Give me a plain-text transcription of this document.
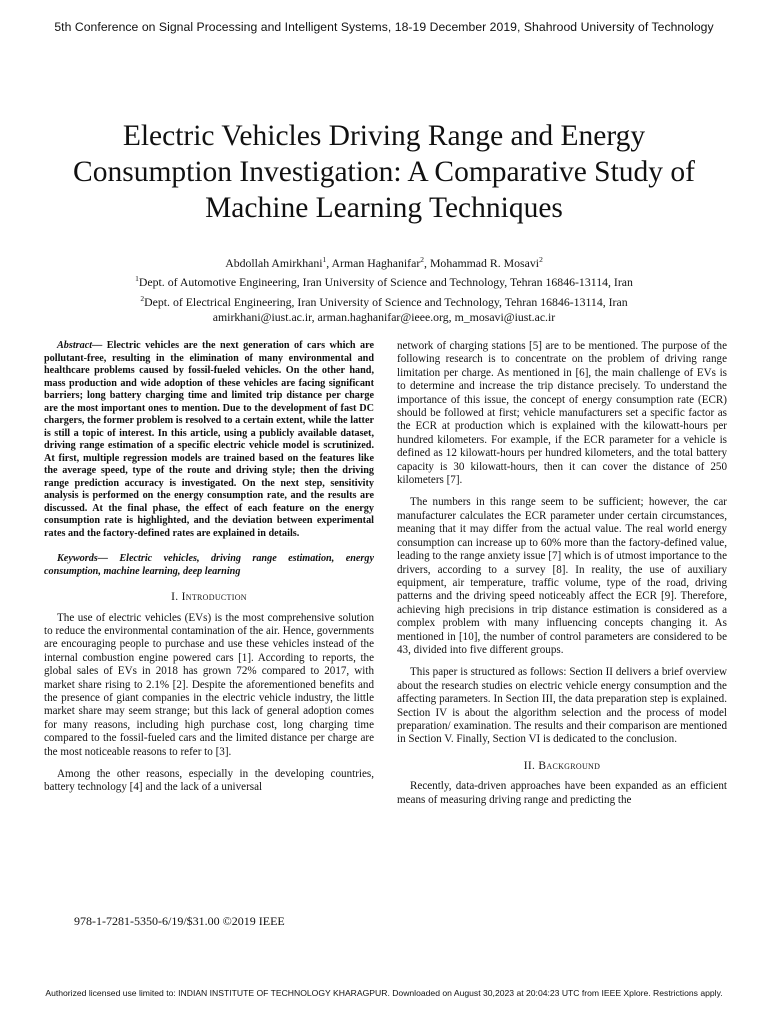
5th Conference on Signal Processing and Intelligent Systems, 18-19 December 2019, Shahrood University of Technology
Electric Vehicles Driving Range and Energy Consumption Investigation: A Comparative Study of Machine Learning Techniques
Abdollah Amirkhani$^1$, Arman Haghanifar$^2$, Mohammad R. Mosavi$^2$
$^1$Dept. of Automotive Engineering, Iran University of Science and Technology, Tehran 16846-13114, Iran
$^2$Dept. of Electrical Engineering, Iran University of Science and Technology, Tehran 16846-13114, Iran
amirkhani@iust.ac.ir, arman.haghanifar@ieee.org, m_mosavi@iust.ac.ir

Abstract— Electric vehicles are the next generation of cars which are pollutant-free, resulting in the elimination of many environmental and healthcare problems caused by fossil-fueled vehicles. On the other hand, mass production and wide adoption of these vehicles are facing significant barriers; long battery charging time and limited trip distance per charge are the most important ones to mention. Due to the development of fast DC chargers, the former problem is resolved to a certain extent, while the latter is still a topic of interest. In this article, using a publicly available dataset, driving range estimation of a specific electric vehicle model is scrutinized. At first, multiple regression models are trained based on the features like the average speed, type of the route and driving style; then the driving range prediction accuracy is investigated. On the next step, sensitivity analysis is performed on the energy consumption rate, and the results are discussed. At the final phase, the effect of each feature on the energy consumption rate is highlighted, and the deviation between experimental rates and the factory-defined rates are explained in details.

Keywords— Electric vehicles, driving range estimation, energy consumption, machine learning, deep learning

I. Introduction

The use of electric vehicles (EVs) is the most comprehensive solution to reduce the environmental contamination of the air. Hence, governments are encouraging people to purchase and use these vehicles instead of the internal combustion engine powered cars [1]. According to reports, the global sales of EVs in 2018 has grown 72% compared to 2017, with market share rising to 2.1% [2]. Despite the aforementioned benefits and the presence of giant companies in the electric vehicle industry, the little market share may seem strange; but this lack of general adoption comes for many reasons, including high purchase cost, long charging time compared to the fossil-fueled cars and the limited distance per charge are the most noticeable reasons to refer to [3].

Among the other reasons, especially in the developing countries, battery technology [4] and the lack of a universal

network of charging stations [5] are to be mentioned. The purpose of the following research is to concentrate on the problem of driving range limitation per charge. As mentioned in [6], the main challenge of EVs is to determine and increase the trip distance precisely. To understand the importance of this issue, the concept of energy consumption rate (ECR) should be followed at first; vehicle manufacturers set a specific factor as the ECR at production which is explained with the kilowatt-hours per hundred kilometers. For example, if the ECR parameter for a vehicle is defined as 12 kilowatt-hours per hundred kilometers, and the total battery capacity is 30 kilowatt-hours, then it can cover the distance of 250 kilometers [7].

The numbers in this range seem to be sufficient; however, the car manufacturer calculates the ECR parameter under certain circumstances, meaning that it may differ from the actual value. The real world energy consumption can increase up to 60% more than the factory-defined value, leading to the range anxiety issue [7] which is of utmost importance to the drivers, according to a survey [8]. In reality, the use of auxiliary equipment, air temperature, traffic volume, type of the road, driving patterns and the driving speed noticeably affect the ECR [9]. Therefore, achieving high precisions in trip distance estimation is considered as a complex problem with many influencing concepts changing it. As mentioned in [10], the number of control parameters are considered to be 43, divided into five different groups.

This paper is structured as follows: Section II delivers a brief overview about the research studies on electric vehicle energy consumption and the affecting parameters. In Section III, the data preparation step is explained. Section IV is about the algorithm selection and the process of model preparation/ examination. The results and their comparison are mentioned in Section V. Finally, Section VI is dedicated to the conclusion.

II. Background

Recently, data-driven approaches have been expanded as an efficient means of measuring driving range and predicting the

978-1-7281-5350-6/19/$31.00 ©2019 IEEE
Authorized licensed use limited to: INDIAN INSTITUTE OF TECHNOLOGY KHARAGPUR. Downloaded on August 30,2023 at 20:04:23 UTC from IEEE Xplore. Restrictions apply.
